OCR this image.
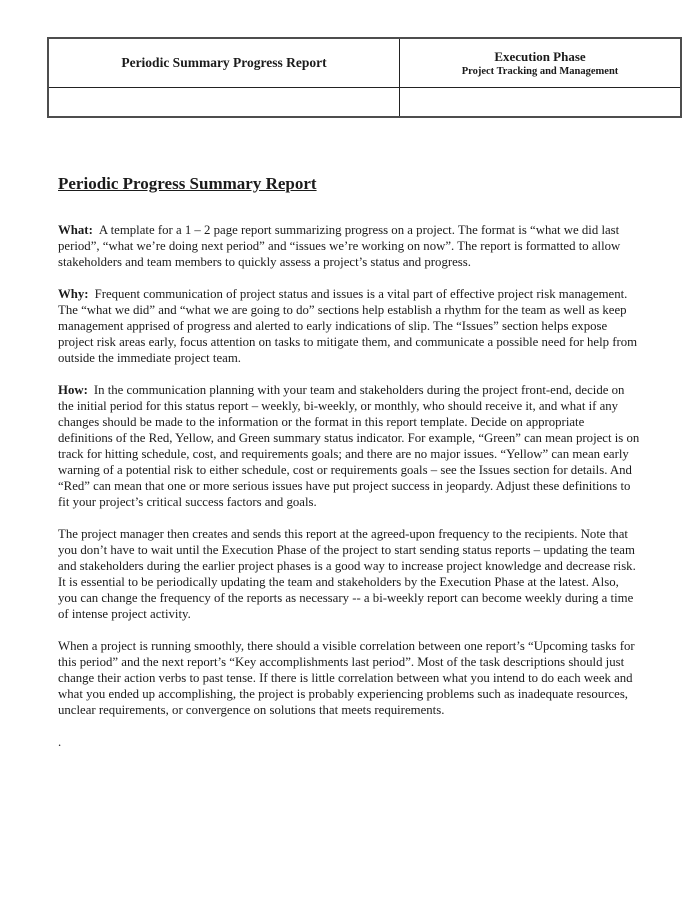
Periodic Summary Progress Report	Execution Phase
Project Tracking and Management

Periodic Progress Summary Report

What: A template for a 1 – 2 page report summarizing progress on a project. The format is “what we did last period”, “what we’re doing next period” and “issues we’re working on now”. The report is formatted to allow stakeholders and team members to quickly assess a project’s status and progress.

Why: Frequent communication of project status and issues is a vital part of effective project risk management. The “what we did” and “what we are going to do” sections help establish a rhythm for the team as well as keep management apprised of progress and alerted to early indications of slip. The “Issues” section helps expose project risk areas early, focus attention on tasks to mitigate them, and communicate a possible need for help from outside the immediate project team.

How: In the communication planning with your team and stakeholders during the project front-end, decide on the initial period for this status report – weekly, bi-weekly, or monthly, who should receive it, and what if any changes should be made to the information or the format in this report template. Decide on appropriate definitions of the Red, Yellow, and Green summary status indicator. For example, “Green” can mean project is on track for hitting schedule, cost, and requirements goals; and there are no major issues. “Yellow” can mean early warning of a potential risk to either schedule, cost or requirements goals – see the Issues section for details. And “Red” can mean that one or more serious issues have put project success in jeopardy. Adjust these definitions to fit your project’s critical success factors and goals.

The project manager then creates and sends this report at the agreed-upon frequency to the recipients. Note that you don’t have to wait until the Execution Phase of the project to start sending status reports – updating the team and stakeholders during the earlier project phases is a good way to increase project knowledge and decrease risk. It is essential to be periodically updating the team and stakeholders by the Execution Phase at the latest. Also, you can change the frequency of the reports as necessary -- a bi-weekly report can become weekly during a time of intense project activity.

When a project is running smoothly, there should a visible correlation between one report’s “Upcoming tasks for this period” and the next report’s “Key accomplishments last period”. Most of the task descriptions should just change their action verbs to past tense. If there is little correlation between what you intend to do each week and what you ended up accomplishing, the project is probably experiencing problems such as inadequate resources, unclear requirements, or convergence on solutions that meets requirements.

.
